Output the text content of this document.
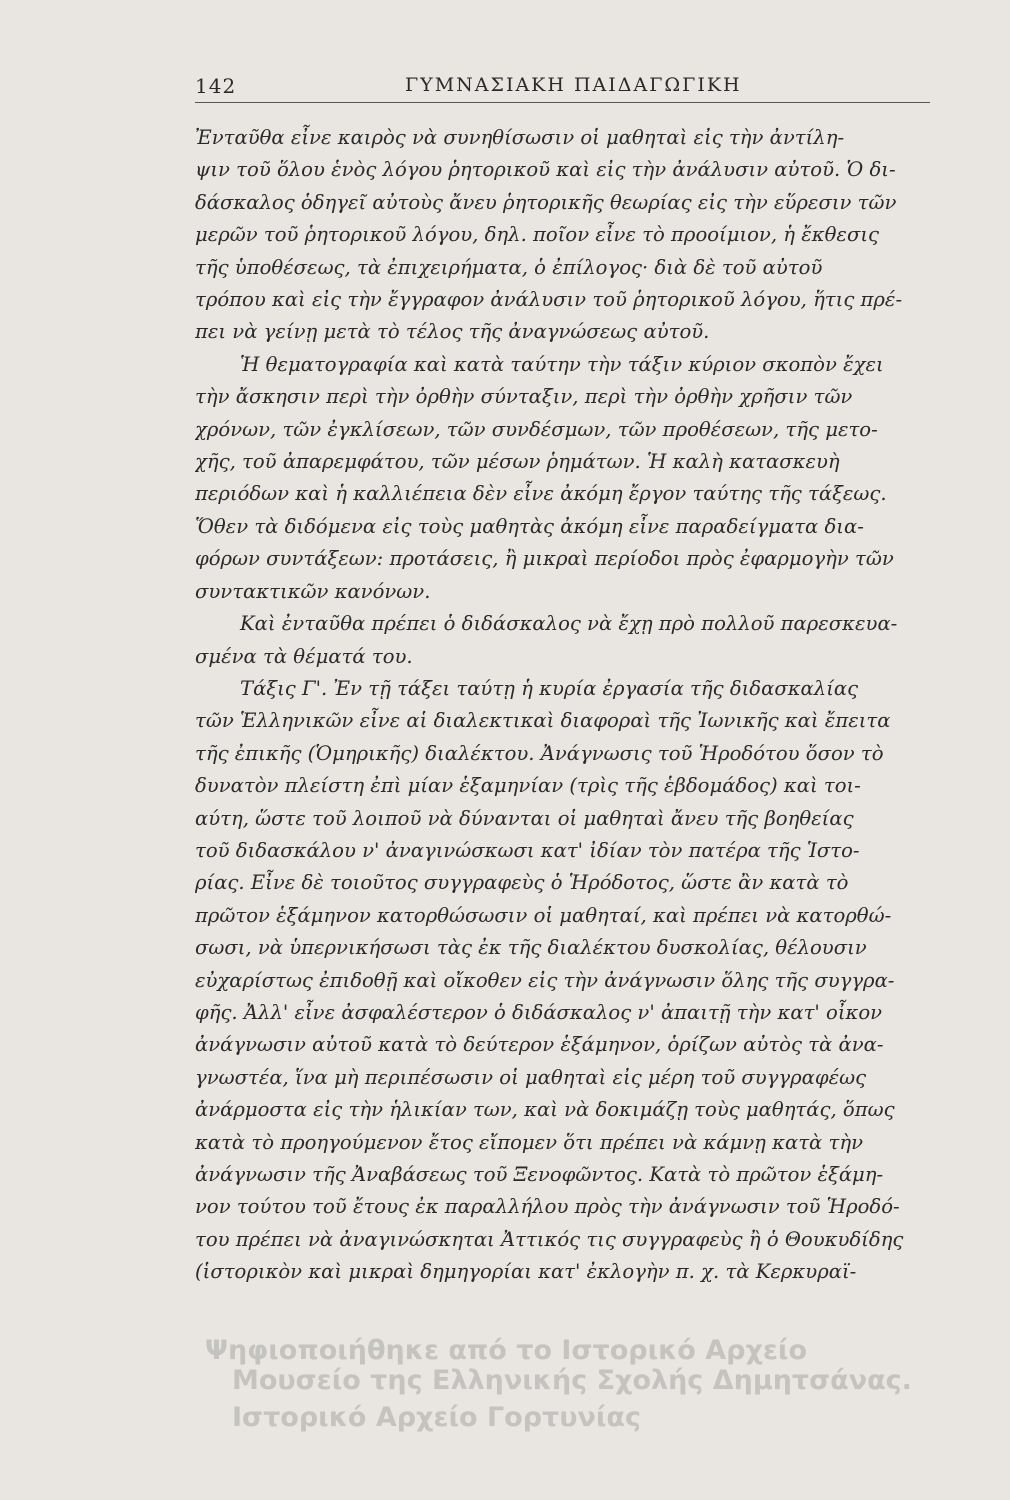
142	ΓΥΜΝΑΣΙΑΚΗ ΠΑΙΔΑΓΩΓΙΚΗ
Ἐνταῦθα εἶνε καιρὸς νὰ συνηθίσωσιν οἱ μαθηταὶ εἰς τὴν ἀντίλη-
ψιν τοῦ ὅλου ἑνὸς λόγου ῥητορικοῦ καὶ εἰς τὴν ἀνάλυσιν αὐτοῦ. Ὁ δι-
δάσκαλος ὁδηγεῖ αὐτοὺς ἄνευ ῥητορικῆς θεωρίας εἰς τὴν εὕρεσιν τῶν
μερῶν τοῦ ῥητορικοῦ λόγου, δηλ. ποῖον εἶνε τὸ προοίμιον, ἡ ἔκθεσις
τῆς ὑποθέσεως, τὰ ἐπιχειρήματα, ὁ ἐπίλογος· διὰ δὲ τοῦ αὐτοῦ
τρόπου καὶ εἰς τὴν ἔγγραφον ἀνάλυσιν τοῦ ῥητορικοῦ λόγου, ἥτις πρέ-
πει νὰ γείνῃ μετὰ τὸ τέλος τῆς ἀναγνώσεως αὐτοῦ.
Ἡ θεματογραφία καὶ κατὰ ταύτην τὴν τάξιν κύριον σκοπὸν ἔχει
τὴν ἄσκησιν περὶ τὴν ὀρθὴν σύνταξιν, περὶ τὴν ὀρθὴν χρῆσιν τῶν
χρόνων, τῶν ἐγκλίσεων, τῶν συνδέσμων, τῶν προθέσεων, τῆς μετο-
χῆς, τοῦ ἀπαρεμφάτου, τῶν μέσων ῥημάτων. Ἡ καλὴ κατασκευὴ
περιόδων καὶ ἡ καλλιέπεια δὲν εἶνε ἀκόμη ἔργον ταύτης τῆς τάξεως.
Ὅθεν τὰ διδόμενα εἰς τοὺς μαθητὰς ἀκόμη εἶνε παραδείγματα δια-
φόρων συντάξεων: προτάσεις, ἢ μικραὶ περίοδοι πρὸς ἐφαρμογὴν τῶν
συντακτικῶν κανόνων.
Καὶ ἐνταῦθα πρέπει ὁ διδάσκαλος νὰ ἔχῃ πρὸ πολλοῦ παρεσκευα-
σμένα τὰ θέματά του.
Τάξις Γ'. Ἐν τῇ τάξει ταύτῃ ἡ κυρία ἐργασία τῆς διδασκαλίας
τῶν Ἑλληνικῶν εἶνε αἱ διαλεκτικαὶ διαφοραὶ τῆς Ἰωνικῆς καὶ ἔπειτα
τῆς ἐπικῆς (Ὁμηρικῆς) διαλέκτου. Ἀνάγνωσις τοῦ Ἡροδότου ὅσον τὸ
δυνατὸν πλείστη ἐπὶ μίαν ἑξαμηνίαν (τρὶς τῆς ἑβδομάδος) καὶ τοι-
αύτη, ὥστε τοῦ λοιποῦ νὰ δύνανται οἱ μαθηταὶ ἄνευ τῆς βοηθείας
τοῦ διδασκάλου ν' ἀναγινώσκωσι κατ' ἰδίαν τὸν πατέρα τῆς Ἱστο-
ρίας. Εἶνε δὲ τοιοῦτος συγγραφεὺς ὁ Ἡρόδοτος, ὥστε ἂν κατὰ τὸ
πρῶτον ἑξάμηνον κατορθώσωσιν οἱ μαθηταί, καὶ πρέπει νὰ κατορθώ-
σωσι, νὰ ὑπερνικήσωσι τὰς ἐκ τῆς διαλέκτου δυσκολίας, θέλουσιν
εὐχαρίστως ἐπιδοθῇ καὶ οἴκοθεν εἰς τὴν ἀνάγνωσιν ὅλης τῆς συγγρα-
φῆς. Ἀλλ' εἶνε ἀσφαλέστερον ὁ διδάσκαλος ν' ἀπαιτῇ τὴν κατ' οἶκον
ἀνάγνωσιν αὐτοῦ κατὰ τὸ δεύτερον ἑξάμηνον, ὁρίζων αὐτὸς τὰ ἀνα-
γνωστέα, ἵνα μὴ περιπέσωσιν οἱ μαθηταὶ εἰς μέρη τοῦ συγγραφέως
ἀνάρμοστα εἰς τὴν ἡλικίαν των, καὶ νὰ δοκιμάζῃ τοὺς μαθητάς, ὅπως
κατὰ τὸ προηγούμενον ἔτος εἴπομεν ὅτι πρέπει νὰ κάμνῃ κατὰ τὴν
ἀνάγνωσιν τῆς Ἀναβάσεως τοῦ Ξενοφῶντος. Κατὰ τὸ πρῶτον ἑξάμη-
νον τούτου τοῦ ἔτους ἐκ παραλλήλου πρὸς τὴν ἀνάγνωσιν τοῦ Ἡροδό-
του πρέπει νὰ ἀναγινώσκηται Ἀττικός τις συγγραφεὺς ἢ ὁ Θουκυδίδης
(ἱστορικὸν καὶ μικραὶ δημηγορίαι κατ' ἐκλογὴν π. χ. τὰ Κερκυραϊ-
Ψηφιοποιήθηκε από το Ιστορικό Αρχείο
Μουσείο της Ελληνικής Σχολής Δημητσάνας.
Ιστορικό Αρχείο Γορτυνίας
